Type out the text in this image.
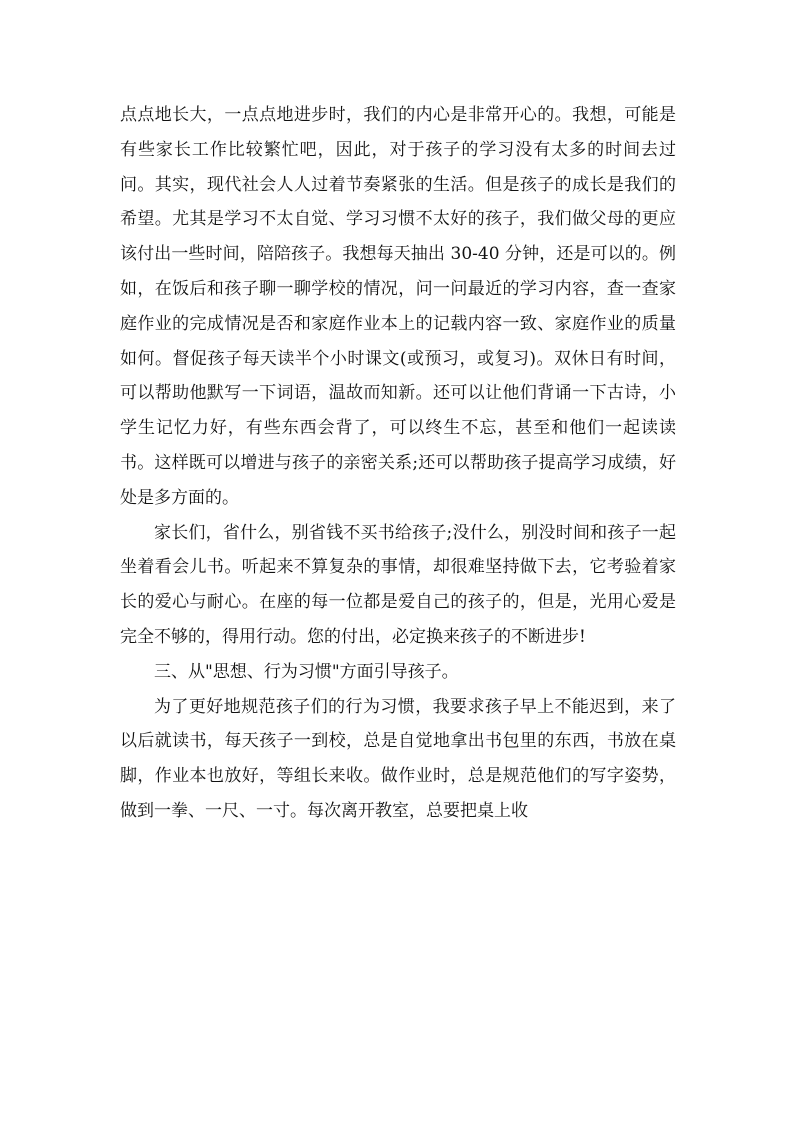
点点地长大，一点点地进步时，我们的内心是非常开心的。我想，可能是有些家长工作比较繁忙吧，因此，对于孩子的学习没有太多的时间去过问。其实，现代社会人人过着节奏紧张的生活。但是孩子的成长是我们的希望。尤其是学习不太自觉、学习习惯不太好的孩子，我们做父母的更应该付出一些时间，陪陪孩子。我想每天抽出 30-40 分钟，还是可以的。例如，在饭后和孩子聊一聊学校的情况，问一问最近的学习内容，查一查家庭作业的完成情况是否和家庭作业本上的记载内容一致、家庭作业的质量如何。督促孩子每天读半个小时课文(或预习，或复习)。双休日有时间，可以帮助他默写一下词语，温故而知新。还可以让他们背诵一下古诗，小学生记忆力好，有些东西会背了，可以终生不忘，甚至和他们一起读读书。这样既可以增进与孩子的亲密关系;还可以帮助孩子提高学习成绩，好处是多方面的。

家长们，省什么，别省钱不买书给孩子;没什么，别没时间和孩子一起坐着看会儿书。听起来不算复杂的事情，却很难坚持做下去，它考验着家长的爱心与耐心。在座的每一位都是爱自己的孩子的，但是，光用心爱是完全不够的，得用行动。您的付出，必定换来孩子的不断进步!

三、从"思想、行为习惯"方面引导孩子。

为了更好地规范孩子们的行为习惯，我要求孩子早上不能迟到，来了以后就读书，每天孩子一到校，总是自觉地拿出书包里的东西，书放在桌脚，作业本也放好，等组长来收。做作业时，总是规范他们的写字姿势，做到一拳、一尺、一寸。每次离开教室，总要把桌上收
